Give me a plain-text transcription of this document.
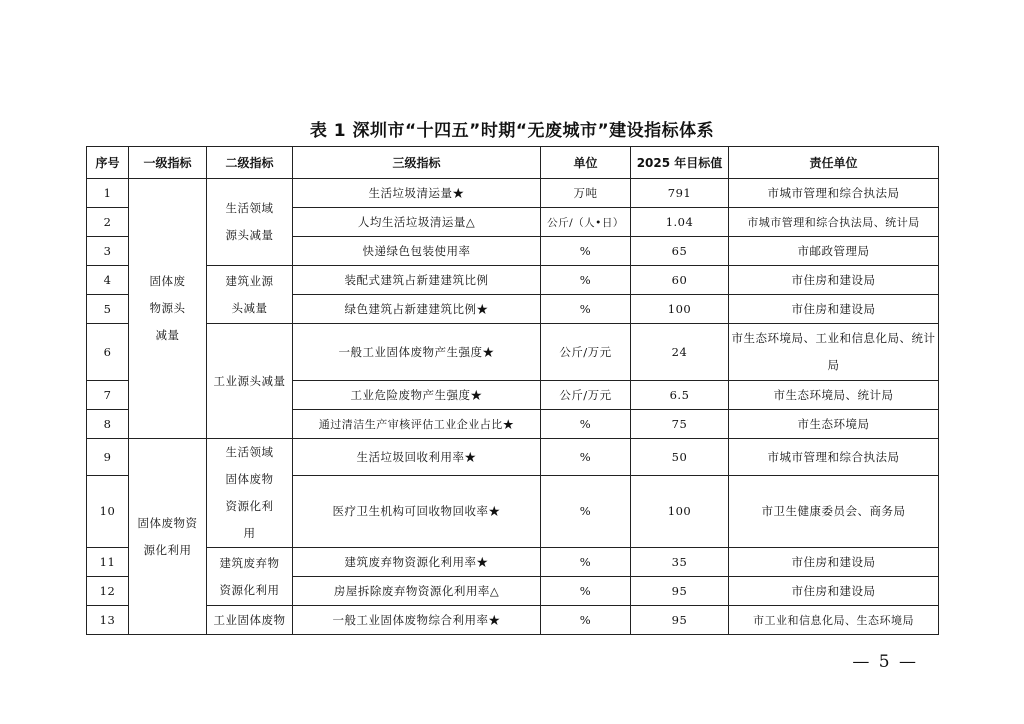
表 1 深圳市“十四五”时期“无废城市”建设指标体系
序号	一级指标	二级指标	三级指标	单位	2025 年目标值	责任单位
1	固体废物源头减量	生活领域源头减量	生活垃圾清运量★	万吨	791	市城市管理和综合执法局
2			人均生活垃圾清运量△	公斤/（人•日）	1.04	市城市管理和综合执法局、统计局
3			快递绿色包装使用率	%	65	市邮政管理局
4		建筑业源头减量	装配式建筑占新建建筑比例	%	60	市住房和建设局
5			绿色建筑占新建建筑比例★	%	100	市住房和建设局
6		工业源头减量	一般工业固体废物产生强度★	公斤/万元	24	市生态环境局、工业和信息化局、统计局
7			工业危险废物产生强度★	公斤/万元	6.5	市生态环境局、统计局
8			通过清洁生产审核评估工业企业占比★	%	75	市生态环境局
9	固体废物资源化利用	生活领域固体废物资源化利用	生活垃圾回收利用率★	%	50	市城市管理和综合执法局
10			医疗卫生机构可回收物回收率★	%	100	市卫生健康委员会、商务局
11		建筑废弃物资源化利用	建筑废弃物资源化利用率★	%	35	市住房和建设局
12			房屋拆除废弃物资源化利用率△	%	95	市住房和建设局
13		工业固体废物	一般工业固体废物综合利用率★	%	95	市工业和信息化局、生态环境局
— 5 —
